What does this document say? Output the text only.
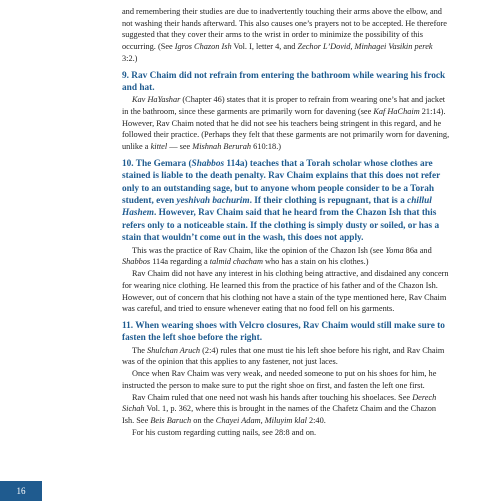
and remembering their studies are due to inadvertently touching their arms above the elbow, and not washing their hands afterward. This also causes one’s prayers not to be accepted. He therefore suggested that they cover their arms to the wrist in order to minimize the possibility of this occurring. (See Igros Chazon Ish Vol. I, letter 4, and Zechor L’Dovid, Minhagei Vasikin perek 3:2.)

9. Rav Chaim did not refrain from entering the bathroom while wearing his frock and hat.

Kav HaYashar (Chapter 46) states that it is proper to refrain from wearing one’s hat and jacket in the bathroom, since these garments are primarily worn for davening (see Kaf HaChaim 21:14). However, Rav Chaim noted that he did not see his teachers being stringent in this regard, and he followed their practice. (Perhaps they felt that these garments are not primarily worn for davening, unlike a kittel — see Mishnah Berurah 610:18.)

10. The Gemara (Shabbos 114a) teaches that a Torah scholar whose clothes are stained is liable to the death penalty. Rav Chaim explains that this does not refer only to an outstanding sage, but to anyone whom people consider to be a Torah student, even yeshivah bachurim. If their clothing is repugnant, that is a chillul Hashem. However, Rav Chaim said that he heard from the Chazon Ish that this refers only to a noticeable stain. If the clothing is simply dusty or soiled, or has a stain that wouldn’t come out in the wash, this does not apply.

This was the practice of Rav Chaim, like the opinion of the Chazon Ish (see Yoma 86a and Shabbos 114a regarding a talmid chacham who has a stain on his clothes.)

Rav Chaim did not have any interest in his clothing being attractive, and disdained any concern for wearing nice clothing. He learned this from the practice of his father and of the Chazon Ish. However, out of concern that his clothing not have a stain of the type mentioned here, Rav Chaim was careful, and tried to ensure whenever eating that no food fell on his garments.

11. When wearing shoes with Velcro closures, Rav Chaim would still make sure to fasten the left shoe before the right.

The Shulchan Aruch (2:4) rules that one must tie his left shoe before his right, and Rav Chaim was of the opinion that this applies to any fastener, not just laces.

Once when Rav Chaim was very weak, and needed someone to put on his shoes for him, he instructed the person to make sure to put the right shoe on first, and fasten the left one first.

Rav Chaim ruled that one need not wash his hands after touching his shoelaces. See Derech Sichah Vol. 1, p. 362, where this is brought in the names of the Chafetz Chaim and the Chazon Ish. See Beis Baruch on the Chayei Adam, Miluyim klal 2:40.

For his custom regarding cutting nails, see 28:8 and on.

16
